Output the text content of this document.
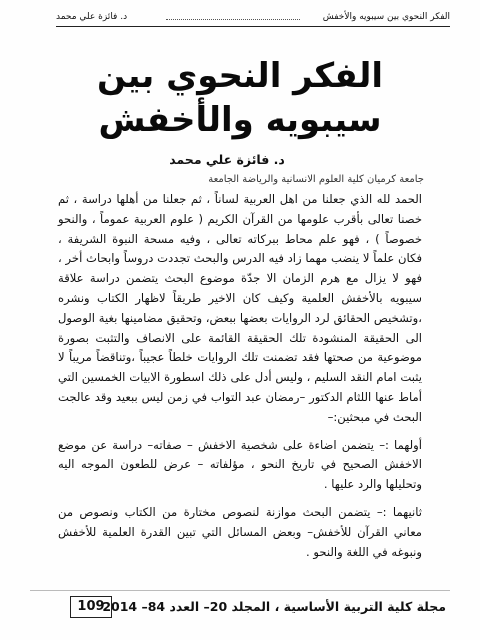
الفكر النحوي بين سيبويه والأخفش
د. فائزة علي محمد
الفكر النحوي بين
سيبويه والأخفش
د. فائزة علي محمد
جامعة كرميان كلية العلوم الانسانية والرياضة الجامعة

الحمد لله الذي جعلنا من اهل العربية لساناً ، ثم جعلنا من أهلها دراسة ، ثم خصنا تعالى بأقرب علومها من القرآن الكريم ( علوم العربية عموماً ، والنحو خصوصاً ) ، فهو علم محاط ببركاته تعالى ، وفيه مسحة النبوة الشريفة ، فكان علماً لا ينضب مهما زاد فيه الدرس والبحث تجددت دروساً وابحاث أخر ، فهو لا يزال مع هرم الزمان الا جدّة موضوع البحث يتضمن دراسة علاقة سيبويه بالأخفش العلمية وكيف كان الاخير طريقاً لاظهار الكتاب ونشره ،وتشخيص الحقائق لرد الروايات بعضها ببعض، وتحقيق مضامينها بغية الوصول الى الحقيقة المنشودة تلك الحقيقة القائمة على الانصاف والتثبت بصورة موضوعية من صحتها فقد تضمنت تلك الروايات خلطاً عجيباً ،وتناقضاً مريباً لا يثبت امام النقد السليم ، وليس أدل على ذلك اسطورة الابيات الخمسين التي أماط عنها اللثام الدكتور –رمضان عبد التواب في زمن ليس ببعيد وقد عالجت البحث في مبحثين:–

أولهما :– يتضمن اضاءة على شخصية الاخفش – صفاته– دراسة عن موضع الاخفش الصحيح في تاريخ النحو ، مؤلفاته – عرض للطعون الموجه اليه وتحليلها والرد عليها .

ثانيهما :– يتضمن البحث موازنة لنصوص مختارة من الكتاب ونصوص من معاني القرآن للأخفش– وبعض المسائل التي تبين القدرة العلمية للأخفش ونبوغه في اللغة والنحو .

مجلة كلية التربية الأساسية ، المجلد 20– العدد 84– 2014
109
